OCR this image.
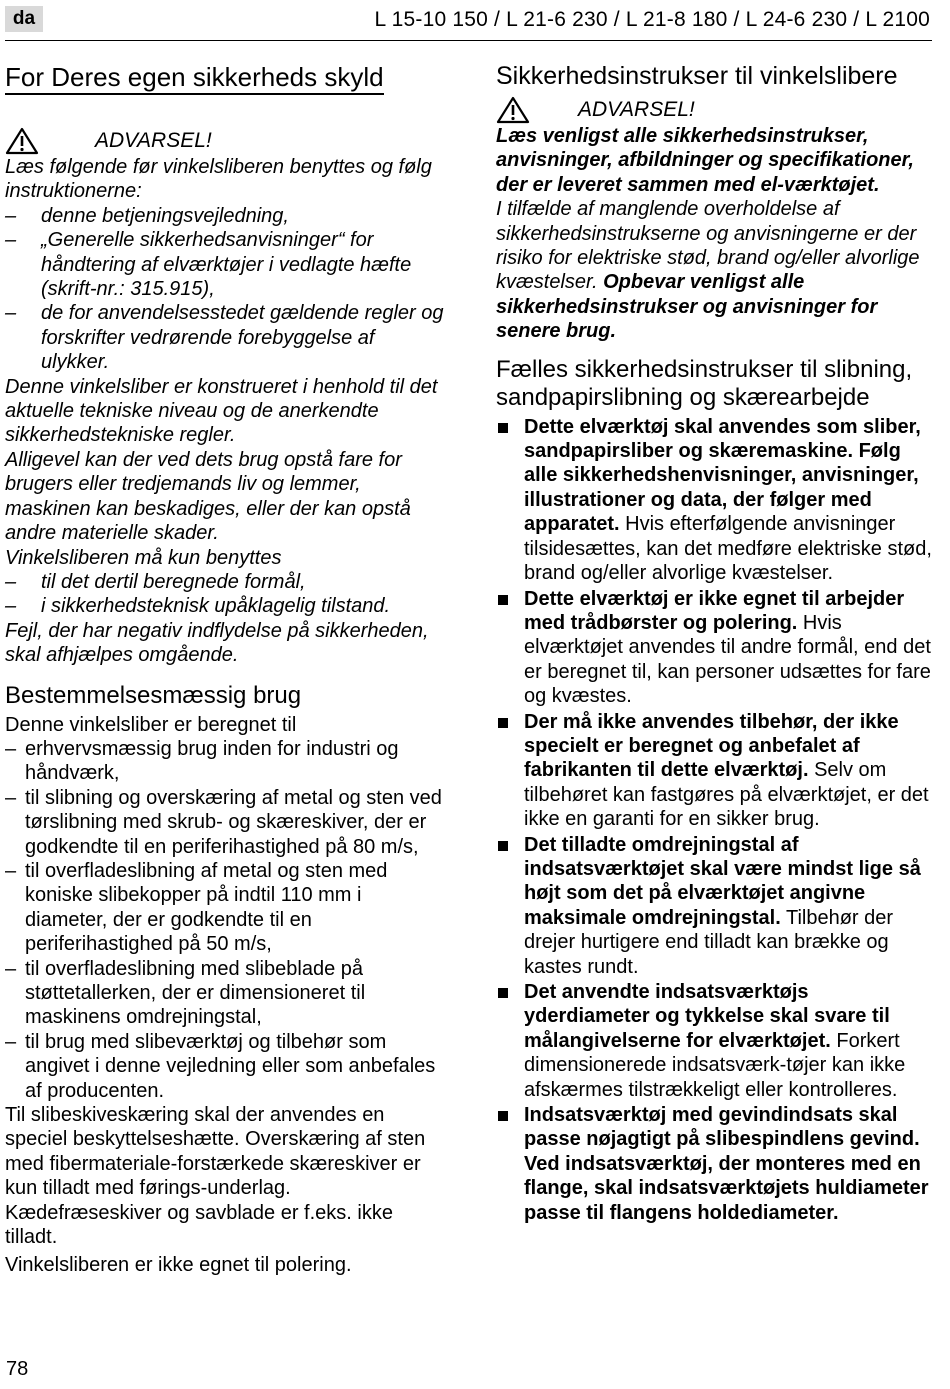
da	L 15-10 150 / L 21-6 230 / L 21-8 180 / L 24-6 230 / L 2100
For Deres egen sikkerheds skyld
ADVARSEL!

Læs følgende før vinkelsliberen benyttes og følg instruktionerne:

– denne betjeningsvejledning,

– „Generelle sikkerhedsanvisninger“ for håndtering af elværktøjer i vedlagte hæfte (skrift-nr.: 315.915),

– de for anvendelsesstedet gældende regler og forskrifter vedrørende forebyggelse af ulykker.

Denne vinkelsliber er konstrueret i henhold til det aktuelle tekniske niveau og de anerkendte sikkerhedstekniske regler.

Alligevel kan der ved dets brug opstå fare for brugers eller tredjemands liv og lemmer, maskinen kan beskadiges, eller der kan opstå andre materielle skader.

Vinkelsliberen må kun benyttes

– til det dertil beregnede formål,

– i sikkerhedsteknisk upåklagelig tilstand.

Fejl, der har negativ indflydelse på sikkerheden, skal afhjælpes omgående.

Bestemmelsesmæssig brug

Denne vinkelsliber er beregnet til

– erhvervsmæssig brug inden for industri og håndværk,

– til slibning og overskæring af metal og sten ved tørslibning med skrub- og skæreskiver, der er godkendte til en periferihastighed på 80 m/s,

– til overfladeslibning af metal og sten med koniske slibekopper på indtil 110 mm i diameter, der er godkendte til en periferihastighed på 50 m/s,

– til overfladeslibning med slibeblade på støttetallerken, der er dimensioneret til maskinens omdrejningstal,

– til brug med slibeværktøj og tilbehør som angivet i denne vejledning eller som anbefales af producenten.

Til slibeskiveskæring skal der anvendes en speciel beskyttelseshætte. Overskæring af sten med fibermateriale-forstærkede skæreskiver er kun tilladt med førings-underlag. Kædefræseskiver og savblade er f.eks. ikke tilladt.

Vinkelsliberen er ikke egnet til polering.

Sikkerhedsinstrukser til vinkelslibere
ADVARSEL!

Læs venligst alle sikkerhedsinstrukser, anvisninger, afbildninger og specifikationer, der er leveret sammen med el-værktøjet.

I tilfælde af manglende overholdelse af sikkerhedsinstrukserne og anvisningerne er der risiko for elektriske stød, brand og/eller alvorlige kvæstelser. Opbevar venligst alle sikkerhedsinstrukser og anvisninger for senere brug.

Fælles sikkerhedsinstrukser til slibning, sandpapirslibning og skærearbejde

Dette elværktøj skal anvendes som sliber, sandpapirsliber og skæremaskine. Følg alle sikkerhedshenvisninger, anvisninger, illustrationer og data, der følger med apparatet. Hvis efterfølgende anvisninger tilsidesættes, kan det medføre elektriske stød, brand og/eller alvorlige kvæstelser.

Dette elværktøj er ikke egnet til arbejder med trådbørster og polering. Hvis elværktøjet anvendes til andre formål, end det er beregnet til, kan personer udsættes for fare og kvæstes.

Der må ikke anvendes tilbehør, der ikke specielt er beregnet og anbefalet af fabrikanten til dette elværktøj. Selv om tilbehøret kan fastgøres på elværktøjet, er det ikke en garanti for en sikker brug.

Det tilladte omdrejningstal af indsatsværktøjet skal være mindst lige så højt som det på elværktøjet angivne maksimale omdrejningstal. Tilbehør der drejer hurtigere end tilladt kan brække og kastes rundt.

Det anvendte indsatsværktøjs yderdiameter og tykkelse skal svare til målangivelserne for elværktøjet. Forkert dimensionerede indsatsværk-tøjer kan ikke afskærmes tilstrækkeligt eller kontrolleres.

Indsatsværktøj med gevindindsats skal passe nøjagtigt på slibespindlens gevind. Ved indsatsværktøj, der monteres med en flange, skal indsatsværktøjets huldiameter passe til flangens holdediameter.

78
